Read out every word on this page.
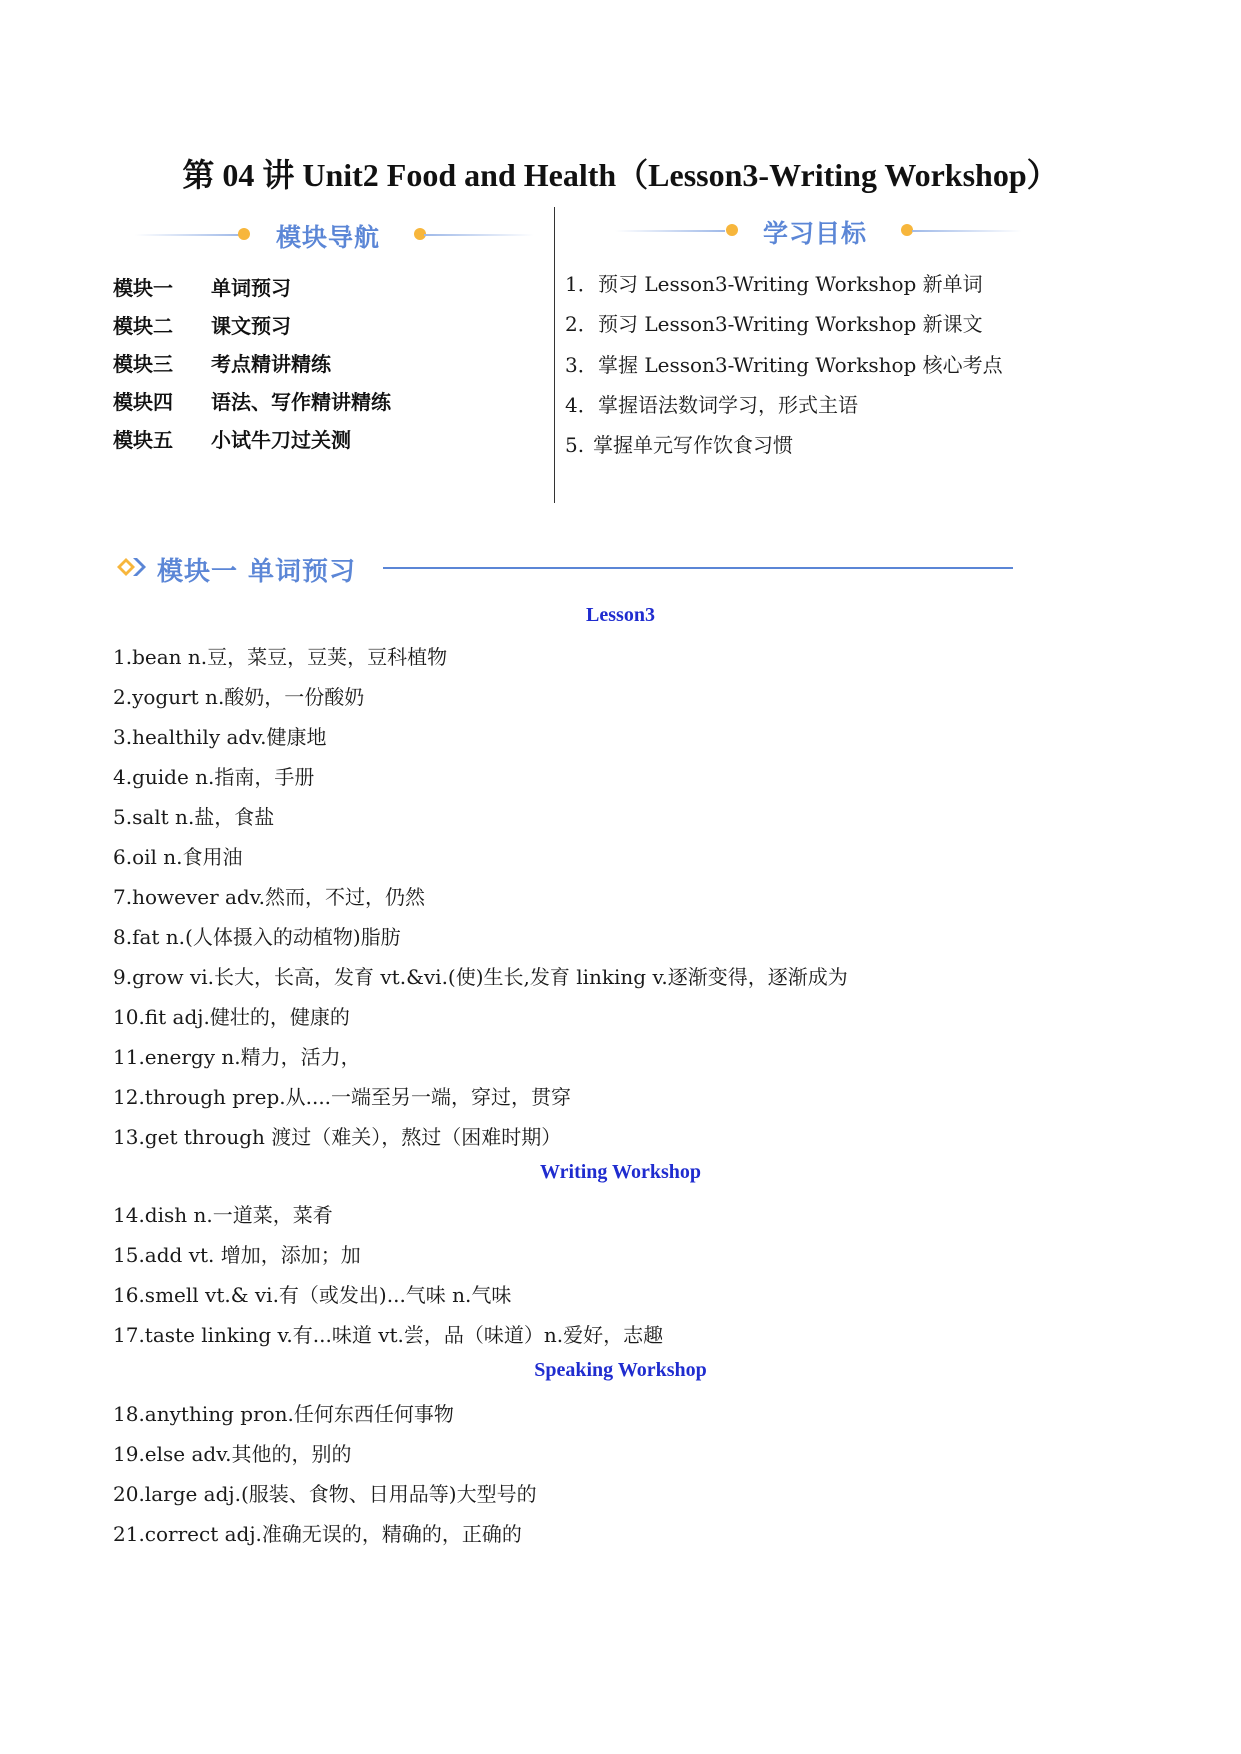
第 04 讲 Unit2 Food and Health（Lesson3-Writing Workshop）
模块导航	学习目标
模块一 单词预习
模块二 课文预习
模块三 考点精讲精练
模块四 语法、写作精讲精练
模块五 小试牛刀过关测
1．预习 Lesson3-Writing Workshop 新单词
2．预习 Lesson3-Writing Workshop 新课文
3．掌握 Lesson3-Writing Workshop 核心考点
4．掌握语法数词学习，形式主语
5. 掌握单元写作饮食习惯
模块一 单词预习
Lesson3
1.bean n.豆，菜豆，豆荚，豆科植物
2.yogurt n.酸奶，一份酸奶
3.healthily adv.健康地
4.guide n.指南，手册
5.salt n.盐，食盐
6.oil n.食用油
7.however adv.然而，不过，仍然
8.fat n.(人体摄入的动植物)脂肪
9.grow vi.长大，长高，发育 vt.&vi.(使)生长,发育 linking v.逐渐变得，逐渐成为
10.fit adj.健壮的，健康的
11.energy n.精力，活力，
12.through prep.从....一端至另一端，穿过，贯穿
13.get through 渡过（难关），熬过（困难时期）
Writing Workshop
14.dish n.一道菜，菜肴
15.add vt. 增加，添加；加
16.smell vt.& vi.有（或发出)...气味 n.气味
17.taste linking v.有...味道 vt.尝，品（味道）n.爱好，志趣
Speaking Workshop
18.anything pron.任何东西任何事物
19.else adv.其他的，别的
20.large adj.(服装、食物、日用品等)大型号的
21.correct adj.准确无误的，精确的，正确的
